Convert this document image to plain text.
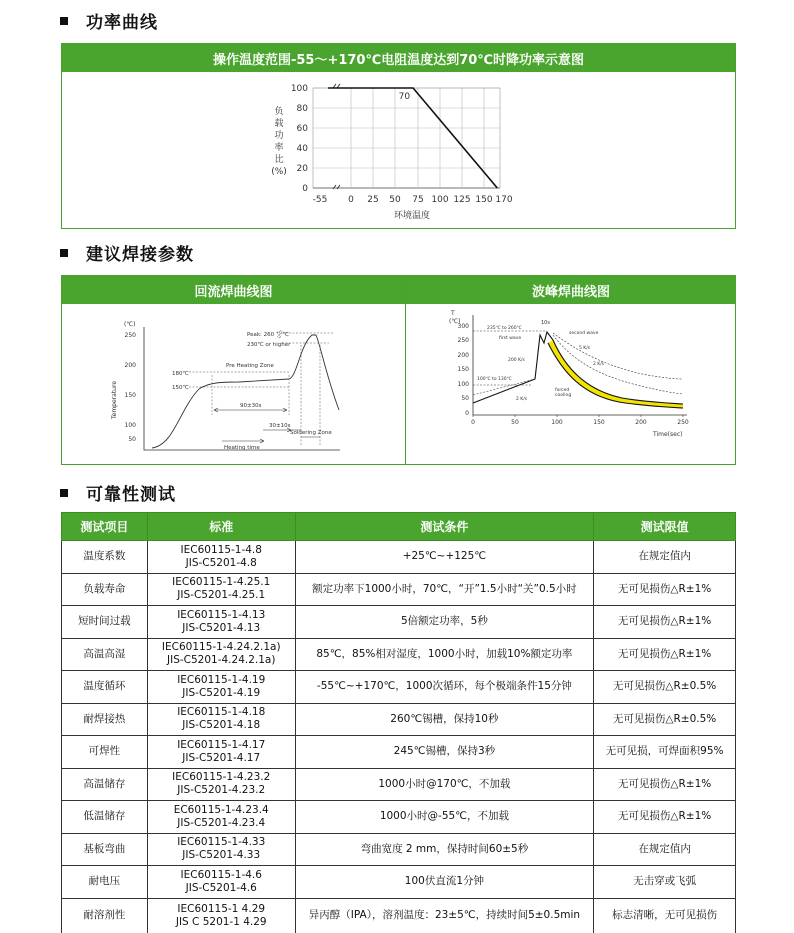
功率曲线
操作温度范围-55～+170℃电阻温度达到70℃时降功率示意图
负
载
功
率
比
(%)
100
80
60
40
20
0
-55 0 25 50 75 100 125 150 170
70
环境温度
建议焊接参数
回流焊曲线图	波峰焊曲线图
(℃)
Temperature
250
200
150
100
50
Peak: 260 $^{+0}$ -5 ℃
230℃ or higher
Pre Heating Zone
180℃
150℃
90±30s
30±10s
Soldering Zone
Heating time
T
(℃)
300
250
200
150
100
50
0
0	50	100	150	200	250
Time(sec)
10s
235℃ to 260℃
first wave
second wave
5 K/s
2 K/s
200 K/s
100℃ to 130℃
2 K/s
forced cooling
可靠性测试
测试项目	标准	测试条件	测试限值
温度系数	IEC60115-1-4.8
JIS-C5201-4.8	+25℃~+125℃	在规定值内
负载寿命	IEC60115-1-4.25.1
JIS-C5201-4.25.1	额定功率下1000小时，70℃，“开”1.5小时“关”0.5小时	无可见损伤△R±1%
短时间过载	IEC60115-1-4.13
JIS-C5201-4.13	5倍额定功率，5秒	无可见损伤△R±1%
高温高湿	IEC60115-1-4.24.2.1a)
JIS-C5201-4.24.2.1a)	85℃，85%相对湿度，1000小时，加载10%额定功率	无可见损伤△R±1%
温度循环	IEC60115-1-4.19
JIS-C5201-4.19	-55℃~+170℃，1000次循环，每个极端条件15分钟	无可见损伤△R±0.5%
耐焊接热	IEC60115-1-4.18
JIS-C5201-4.18	260℃锡槽，保持10秒	无可见损伤△R±0.5%
可焊性	IEC60115-1-4.17
JIS-C5201-4.17	245℃锡槽，保持3秒	无可见损，可焊面积95%
高温储存	IEC60115-1-4.23.2
JIS-C5201-4.23.2	1000小时@170℃，不加载	无可见损伤△R±1%
低温储存	EC60115-1-4.23.4
JIS-C5201-4.23.4	1000小时@-55℃，不加载	无可见损伤△R±1%
基板弯曲	IEC60115-1-4.33
JIS-C5201-4.33	弯曲宽度 2 mm，保持时间60±5秒	在规定值内
耐电压	IEC60115-1-4.6
JIS-C5201-4.6	100伏直流1分钟	无击穿或飞弧
耐溶剂性	IEC60115-1 4.29
JIS C 5201-1 4.29	异丙醇（IPA），溶剂温度：23±5℃，持续时间5±0.5min	标志清晰，无可见损伤
